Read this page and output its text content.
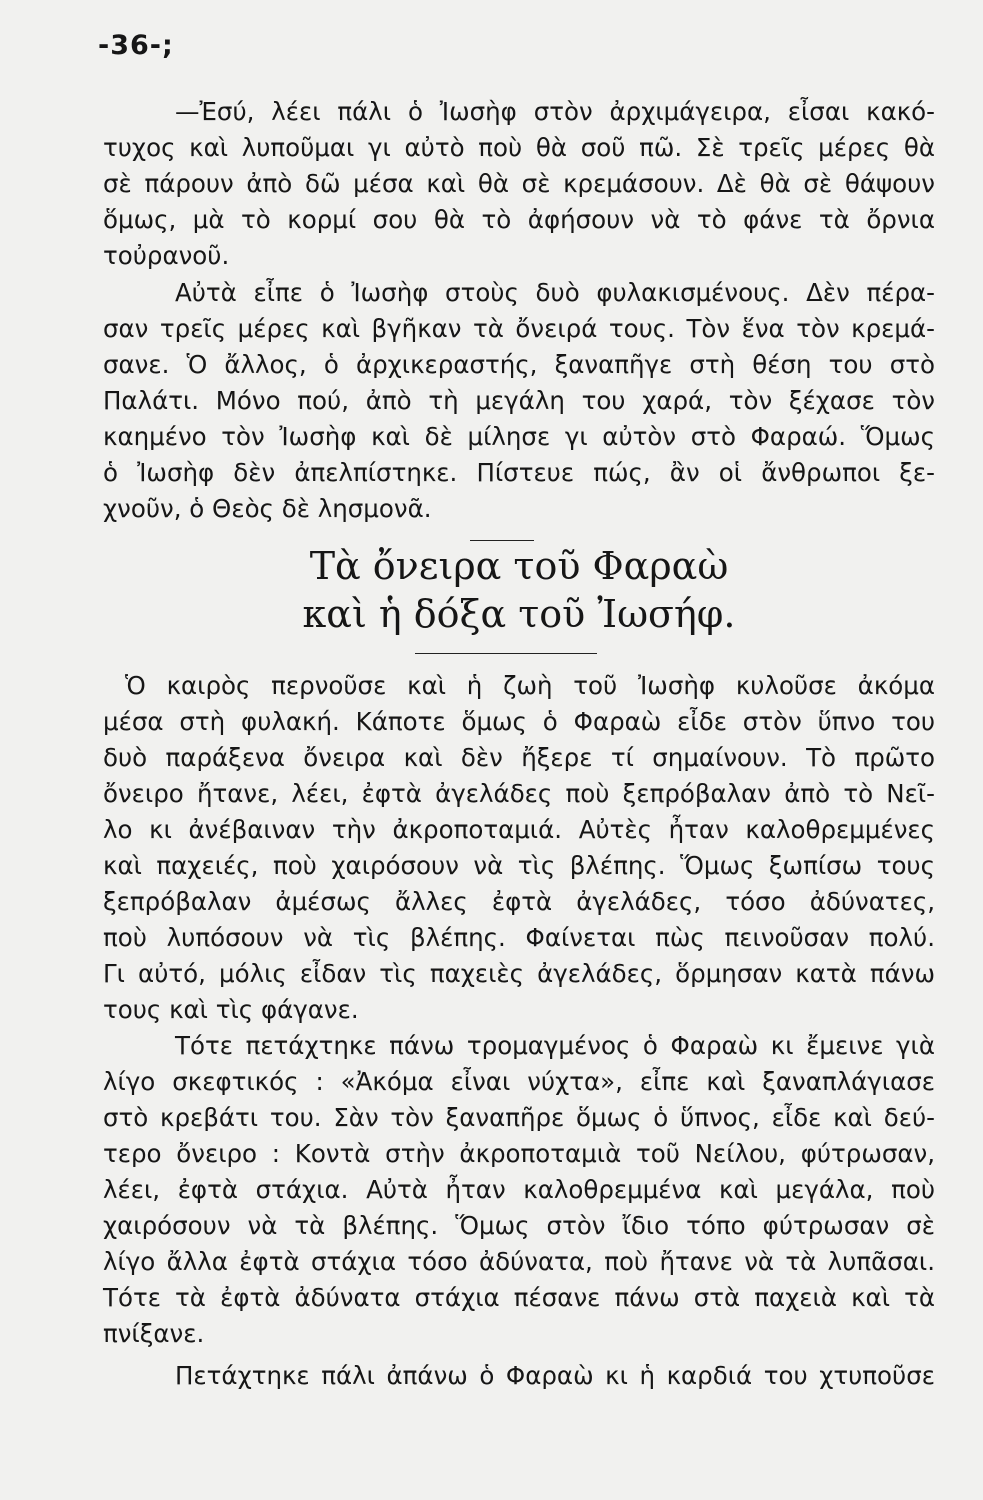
-36-;
—Ἐσύ, λέει πάλι ὁ Ἰωσὴφ στὸν ἀρχιμάγειρα, εἶσαι κακό-
τυχος καὶ λυποῦμαι γι αὐτὸ ποὺ θὰ σοῦ πῶ. Σὲ τρεῖς μέρες θὰ
σὲ πάρουν ἀπὸ δῶ μέσα καὶ θὰ σὲ κρεμάσουν. Δὲ θὰ σὲ θάψουν
ὅμως, μὰ τὸ κορμί σου θὰ τὸ ἀφήσουν νὰ τὸ φάνε τὰ ὄρνια
τοὐρανοῦ.
Αὐτὰ εἶπε ὁ Ἰωσὴφ στοὺς δυὸ φυλακισμένους. Δὲν πέρα-
σαν τρεῖς μέρες καὶ βγῆκαν τὰ ὄνειρά τους. Τὸν ἕνα τὸν κρεμά-
σανε. Ὁ ἄλλος, ὁ ἀρχικεραστής, ξαναπῆγε στὴ θέση του στὸ
Παλάτι. Μόνο πού, ἀπὸ τὴ μεγάλη του χαρά, τὸν ξέχασε τὸν
καημένο τὸν Ἰωσὴφ καὶ δὲ μίλησε γι αὐτὸν στὸ Φαραώ. Ὅμως
ὁ Ἰωσὴφ δὲν ἀπελπίστηκε. Πίστευε πώς, ἂν οἱ ἄνθρωποι ξε-
χνοῦν, ὁ Θεὸς δὲ λησμονᾶ.
Τὰ ὄνειρα τοῦ Φαραὼ
καὶ ἡ δόξα τοῦ Ἰωσήφ.
Ὁ καιρὸς περνοῦσε καὶ ἡ ζωὴ τοῦ Ἰωσὴφ κυλοῦσε ἀκόμα
μέσα στὴ φυλακή. Κάποτε ὅμως ὁ Φαραὼ εἶδε στὸν ὕπνο του
δυὸ παράξενα ὄνειρα καὶ δὲν ἤξερε τί σημαίνουν. Τὸ πρῶτο
ὄνειρο ἤτανε, λέει, ἐφτὰ ἀγελάδες ποὺ ξεπρόβαλαν ἀπὸ τὸ Νεῖ-
λο κι ἀνέβαιναν τὴν ἀκροποταμιά. Αὐτὲς ἦταν καλοθρεμμένες
καὶ παχειές, ποὺ χαιρόσουν νὰ τὶς βλέπης. Ὅμως ξωπίσω τους
ξεπρόβαλαν ἀμέσως ἄλλες ἐφτὰ ἀγελάδες, τόσο ἀδύνατες,
ποὺ λυπόσουν νὰ τὶς βλέπης. Φαίνεται πὼς πεινοῦσαν πολύ.
Γι αὐτό, μόλις εἶδαν τὶς παχειὲς ἀγελάδες, ὅρμησαν κατὰ πάνω
τους καὶ τὶς φάγανε.
Τότε πετάχτηκε πάνω τρομαγμένος ὁ Φαραὼ κι ἔμεινε γιὰ
λίγο σκεφτικός : «Ἀκόμα εἶναι νύχτα», εἶπε καὶ ξαναπλάγιασε
στὸ κρεβάτι του. Σὰν τὸν ξαναπῆρε ὅμως ὁ ὕπνος, εἶδε καὶ δεύ-
τερο ὄνειρο : Κοντὰ στὴν ἀκροποταμιὰ τοῦ Νείλου, φύτρωσαν,
λέει, ἐφτὰ στάχια. Αὐτὰ ἦταν καλοθρεμμένα καὶ μεγάλα, ποὺ
χαιρόσουν νὰ τὰ βλέπης. Ὅμως στὸν ἴδιο τόπο φύτρωσαν σὲ
λίγο ἄλλα ἐφτὰ στάχια τόσο ἀδύνατα, ποὺ ἤτανε νὰ τὰ λυπᾶσαι.
Τότε τὰ ἐφτὰ ἀδύνατα στάχια πέσανε πάνω στὰ παχειὰ καὶ τὰ
πνίξανε.
Πετάχτηκε πάλι ἀπάνω ὁ Φαραὼ κι ἡ καρδιά του χτυποῦσε
